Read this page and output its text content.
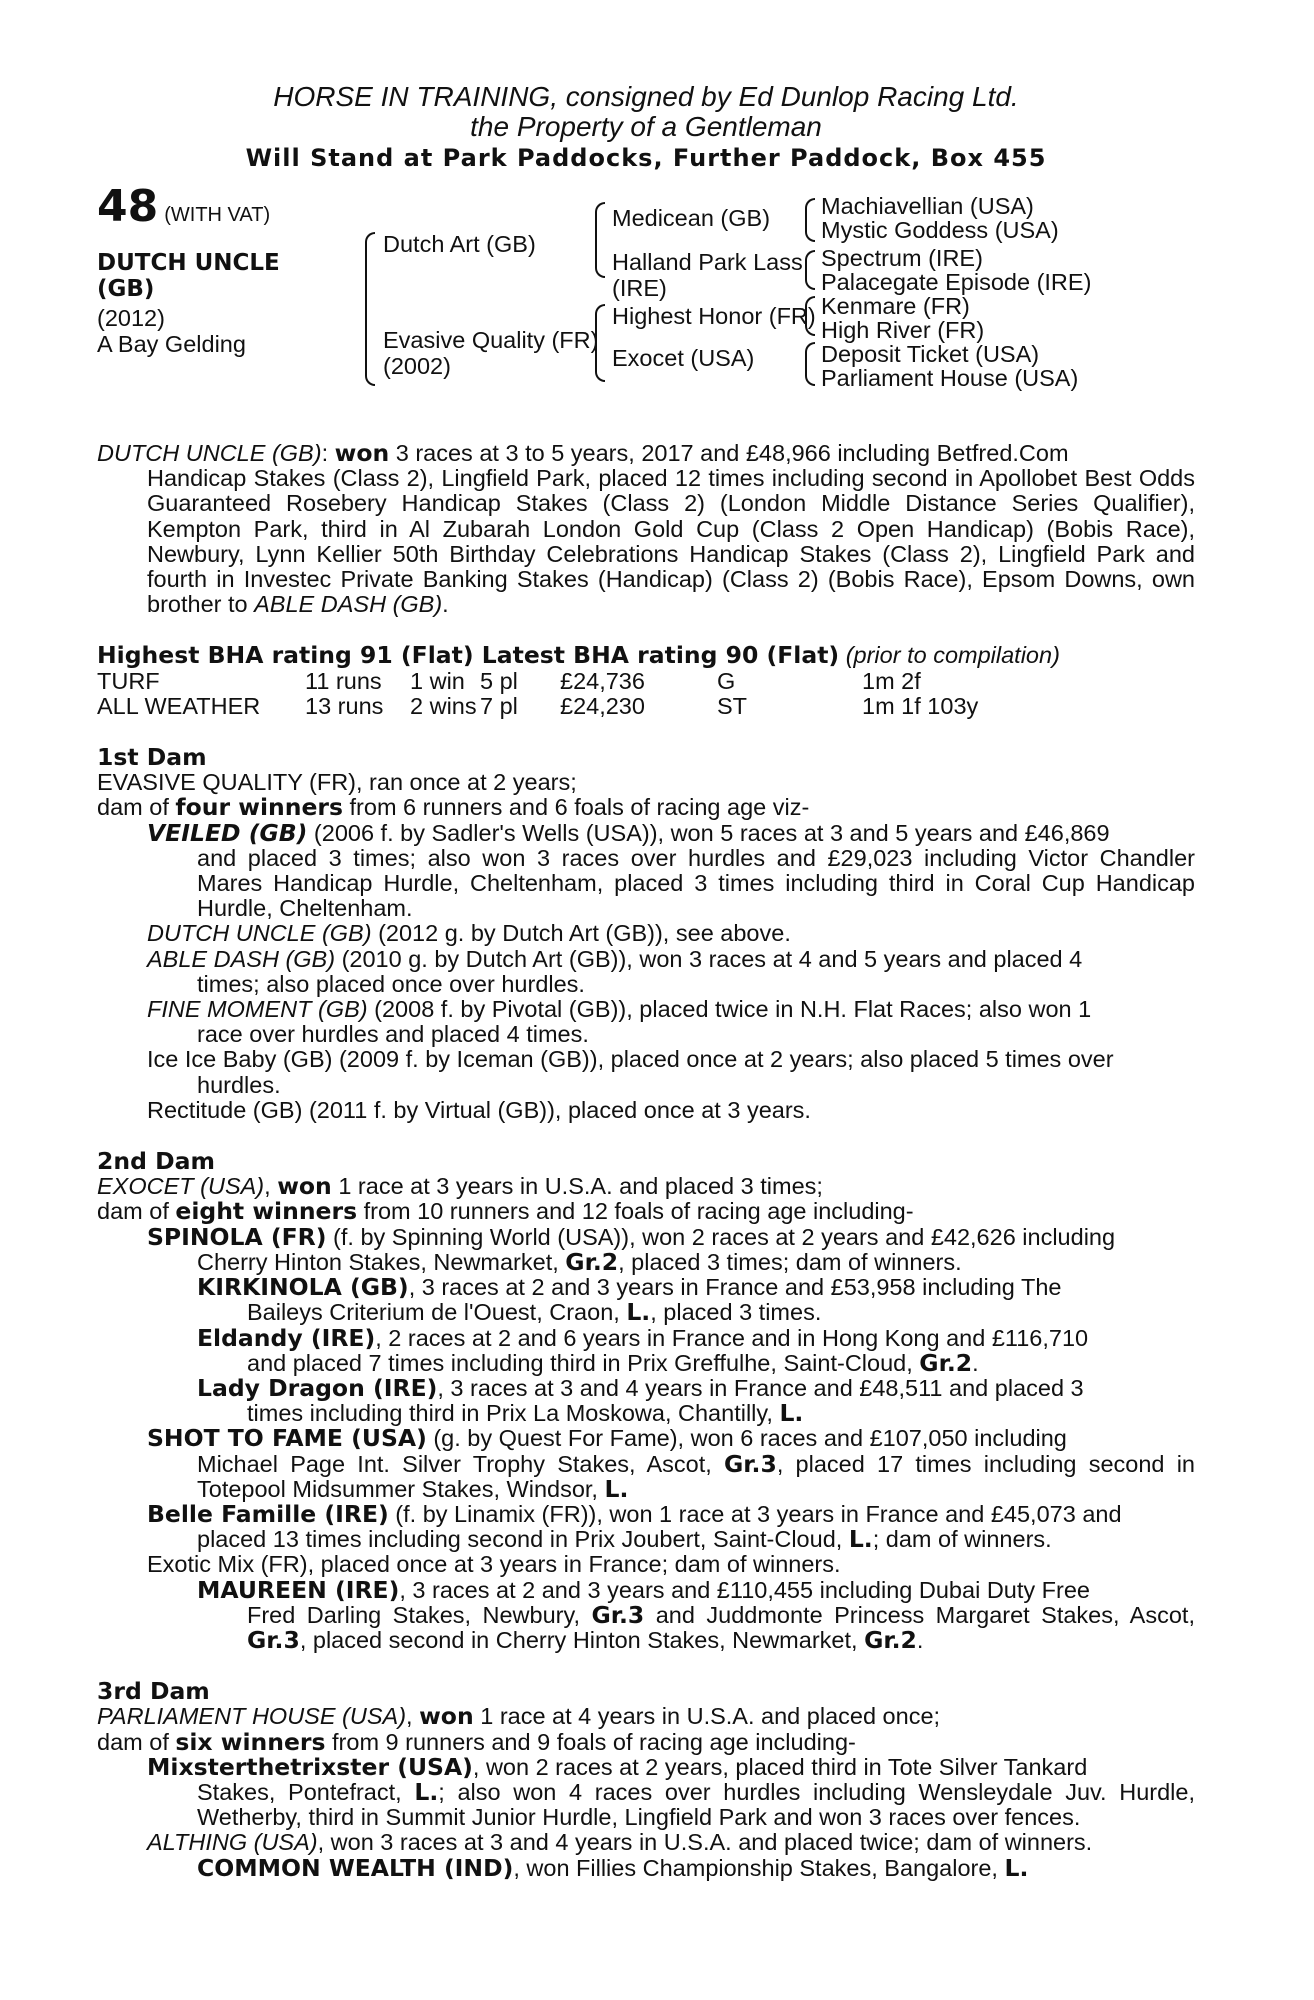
HORSE IN TRAINING, consigned by Ed Dunlop Racing Ltd.
the Property of a Gentleman
Will Stand at Park Paddocks, Further Paddock, Box 455
48 (WITH VAT)
DUTCH UNCLE (GB)
(2012)
A Bay Gelding
Dutch Art (GB)
Evasive Quality (FR)
(2002)
Medicean (GB)
Halland Park Lass
(IRE)
Highest Honor (FR)
Exocet (USA)
Machiavellian (USA)
Mystic Goddess (USA)
Spectrum (IRE)
Palacegate Episode (IRE)
Kenmare (FR)
High River (FR)
Deposit Ticket (USA)
Parliament House (USA)
DUTCH UNCLE (GB): won 3 races at 3 to 5 years, 2017 and £48,966 including Betfred.Com
Handicap Stakes (Class 2), Lingfield Park, placed 12 times including second in Apollobet Best Odds Guaranteed Rosebery Handicap Stakes (Class 2) (London Middle Distance Series Qualifier), Kempton Park, third in Al Zubarah London Gold Cup (Class 2 Open Handicap) (Bobis Race), Newbury, Lynn Kellier 50th Birthday Celebrations Handicap Stakes (Class 2), Lingfield Park and fourth in Investec Private Banking Stakes (Handicap) (Class 2) (Bobis Race), Epsom Downs, own brother to ABLE DASH (GB).
Highest BHA rating 91 (Flat) Latest BHA rating 90 (Flat) (prior to compilation)
TURF	11 runs	1 win 5 pl	£24,736	G	1m 2f
ALL WEATHER	13 runs	2 wins 7 pl	£24,230	ST	1m 1f 103y
1st Dam
EVASIVE QUALITY (FR), ran once at 2 years;
dam of four winners from 6 runners and 6 foals of racing age viz-
VEILED (GB) (2006 f. by Sadler's Wells (USA)), won 5 races at 3 and 5 years and £46,869
and placed 3 times; also won 3 races over hurdles and £29,023 including Victor Chandler Mares Handicap Hurdle, Cheltenham, placed 3 times including third in Coral Cup Handicap Hurdle, Cheltenham.
DUTCH UNCLE (GB) (2012 g. by Dutch Art (GB)), see above.
ABLE DASH (GB) (2010 g. by Dutch Art (GB)), won 3 races at 4 and 5 years and placed 4
times; also placed once over hurdles.
FINE MOMENT (GB) (2008 f. by Pivotal (GB)), placed twice in N.H. Flat Races; also won 1
race over hurdles and placed 4 times.
Ice Ice Baby (GB) (2009 f. by Iceman (GB)), placed once at 2 years; also placed 5 times over
hurdles.
Rectitude (GB) (2011 f. by Virtual (GB)), placed once at 3 years.
2nd Dam
EXOCET (USA), won 1 race at 3 years in U.S.A. and placed 3 times;
dam of eight winners from 10 runners and 12 foals of racing age including-
SPINOLA (FR) (f. by Spinning World (USA)), won 2 races at 2 years and £42,626 including
Cherry Hinton Stakes, Newmarket, Gr.2, placed 3 times; dam of winners.
KIRKINOLA (GB), 3 races at 2 and 3 years in France and £53,958 including The
Baileys Criterium de l'Ouest, Craon, L., placed 3 times.
Eldandy (IRE), 2 races at 2 and 6 years in France and in Hong Kong and £116,710
and placed 7 times including third in Prix Greffulhe, Saint-Cloud, Gr.2.
Lady Dragon (IRE), 3 races at 3 and 4 years in France and £48,511 and placed 3
times including third in Prix La Moskowa, Chantilly, L.
SHOT TO FAME (USA) (g. by Quest For Fame), won 6 races and £107,050 including
Michael Page Int. Silver Trophy Stakes, Ascot, Gr.3, placed 17 times including second in Totepool Midsummer Stakes, Windsor, L.
Belle Famille (IRE) (f. by Linamix (FR)), won 1 race at 3 years in France and £45,073 and
placed 13 times including second in Prix Joubert, Saint-Cloud, L.; dam of winners.
Exotic Mix (FR), placed once at 3 years in France; dam of winners.
MAUREEN (IRE), 3 races at 2 and 3 years and £110,455 including Dubai Duty Free
Fred Darling Stakes, Newbury, Gr.3 and Juddmonte Princess Margaret Stakes, Ascot, Gr.3, placed second in Cherry Hinton Stakes, Newmarket, Gr.2.
3rd Dam
PARLIAMENT HOUSE (USA), won 1 race at 4 years in U.S.A. and placed once;
dam of six winners from 9 runners and 9 foals of racing age including-
Mixsterthetrixster (USA), won 2 races at 2 years, placed third in Tote Silver Tankard
Stakes, Pontefract, L.; also won 4 races over hurdles including Wensleydale Juv. Hurdle, Wetherby, third in Summit Junior Hurdle, Lingfield Park and won 3 races over fences.
ALTHING (USA), won 3 races at 3 and 4 years in U.S.A. and placed twice; dam of winners.
COMMON WEALTH (IND), won Fillies Championship Stakes, Bangalore, L.
